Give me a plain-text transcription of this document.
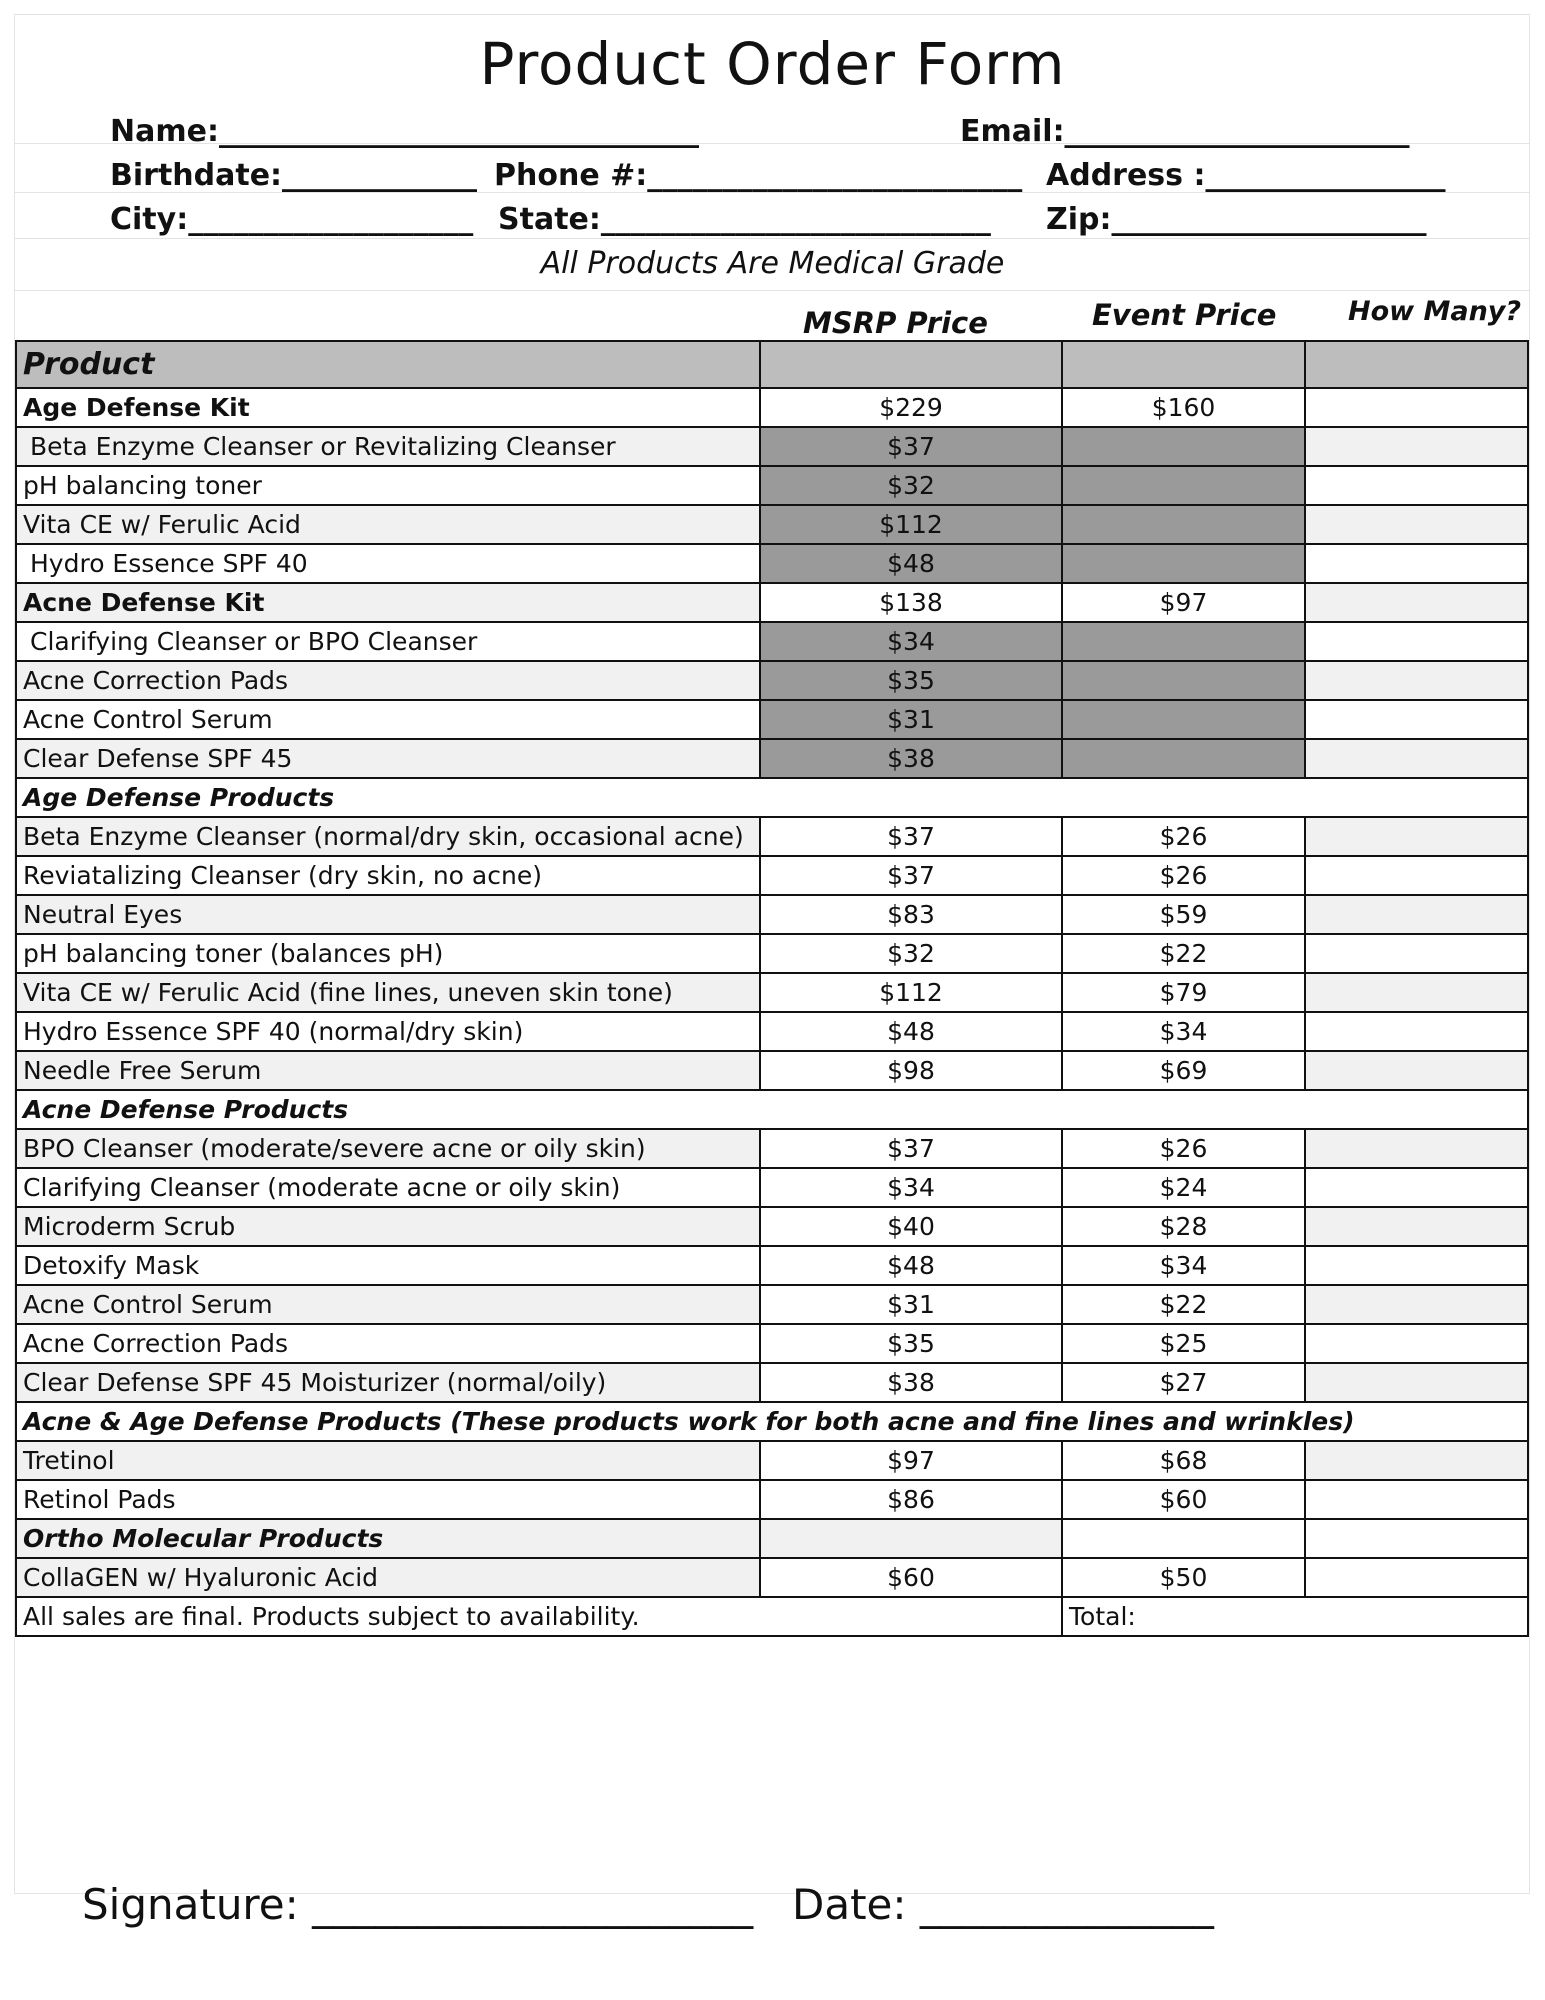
Product Order Form
Name:________________________________	Email:_______________________
Birthdate:_____________ Phone #:_________________________ Address :________________
City:___________________ State:__________________________ Zip:_____________________
All Products Are Medical Grade
MSRP Price	Event Price	How Many?
Product			
Age Defense Kit	$229	$160	
Beta Enzyme Cleanser or Revitalizing Cleanser	$37		
pH balancing toner	$32		
Vita CE w/ Ferulic Acid	$112		
Hydro Essence SPF 40	$48		
Acne Defense Kit	$138	$97	
Clarifying Cleanser or BPO Cleanser	$34		
Acne Correction Pads	$35		
Acne Control Serum	$31		
Clear Defense SPF 45	$38		
Age Defense Products			
Beta Enzyme Cleanser (normal/dry skin, occasional acne)	$37	$26	
Reviatalizing Cleanser (dry skin, no acne)	$37	$26	
Neutral Eyes	$83	$59	
pH balancing toner (balances pH)	$32	$22	
Vita CE w/ Ferulic Acid (fine lines, uneven skin tone)	$112	$79	
Hydro Essence SPF 40 (normal/dry skin)	$48	$34	
Needle Free Serum	$98	$69	
Acne Defense Products			
BPO Cleanser (moderate/severe acne or oily skin)	$37	$26	
Clarifying Cleanser (moderate acne or oily skin)	$34	$24	
Microderm Scrub	$40	$28	
Detoxify Mask	$48	$34	
Acne Control Serum	$31	$22	
Acne Correction Pads	$35	$25	
Clear Defense SPF 45 Moisturizer (normal/oily)	$38	$27	
Acne & Age Defense Products (These products work for both acne and fine lines and wrinkles)			
Tretinol	$97	$68	
Retinol Pads	$86	$60	
Ortho Molecular Products			
CollaGEN w/ Hyaluronic Acid	$60	$50	
All sales are final. Products subject to availability.		Total:	
Signature: _____________________ Date: ______________
